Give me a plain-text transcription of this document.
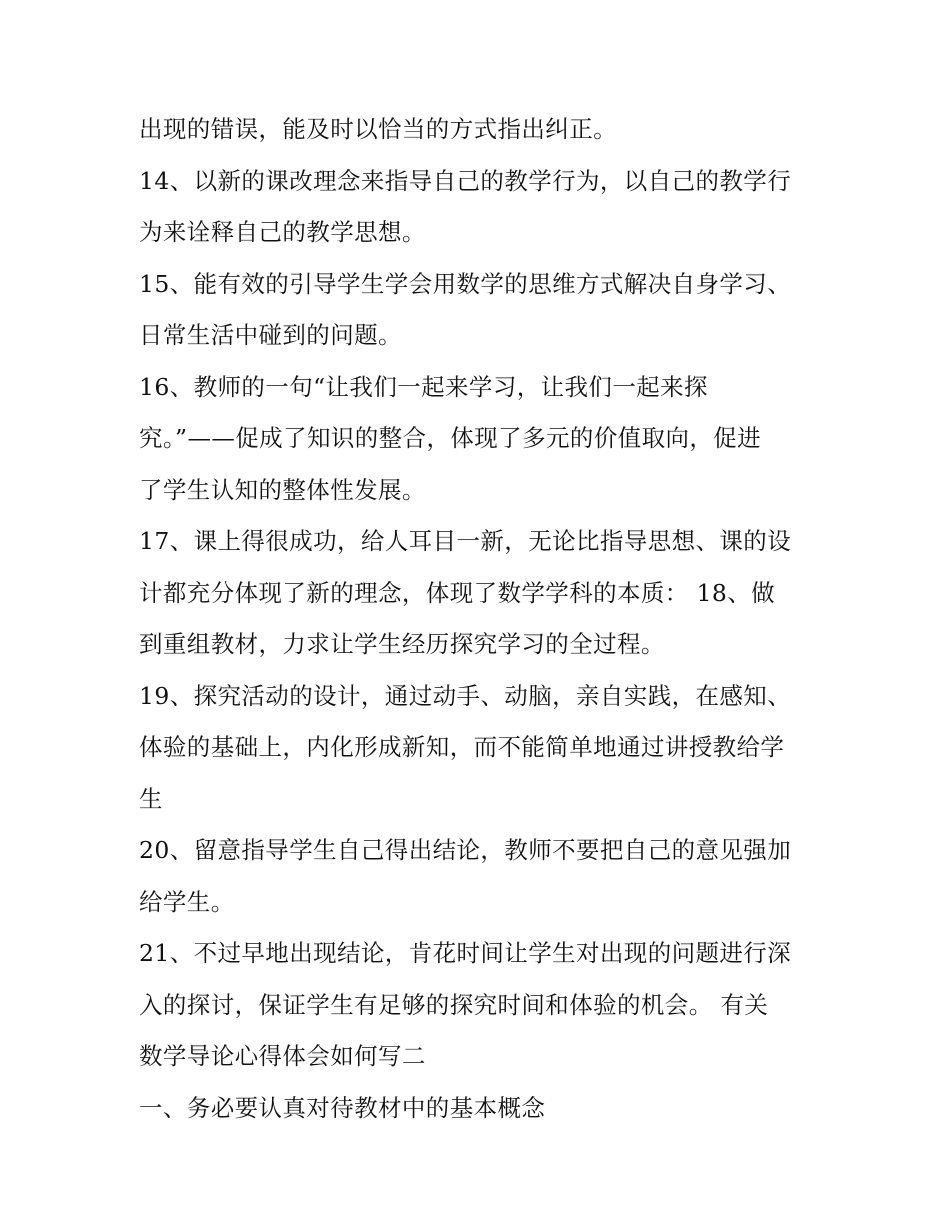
出现的错误，能及时以恰当的方式指出纠正。
14、以新的课改理念来指导自己的教学行为，以自己的教学行
为来诠释自己的教学思想。
15、能有效的引导学生学会用数学的思维方式解决自身学习、
日常生活中碰到的问题。
16、教师的一句“让我们一起来学习，让我们一起来探
究。”——促成了知识的整合，体现了多元的价值取向，促进
了学生认知的整体性发展。
17、课上得很成功，给人耳目一新，无论比指导思想、课的设
计都充分体现了新的理念，体现了数学学科的本质： 18、做
到重组教材，力求让学生经历探究学习的全过程。
19、探究活动的设计，通过动手、动脑，亲自实践，在感知、
体验的基础上，内化形成新知，而不能简单地通过讲授教给学
生
20、留意指导学生自己得出结论，教师不要把自己的意见强加
给学生。
21、不过早地出现结论，肯花时间让学生对出现的问题进行深
入的探讨，保证学生有足够的探究时间和体验的机会。 有关
数学导论心得体会如何写二
一、务必要认真对待教材中的基本概念
